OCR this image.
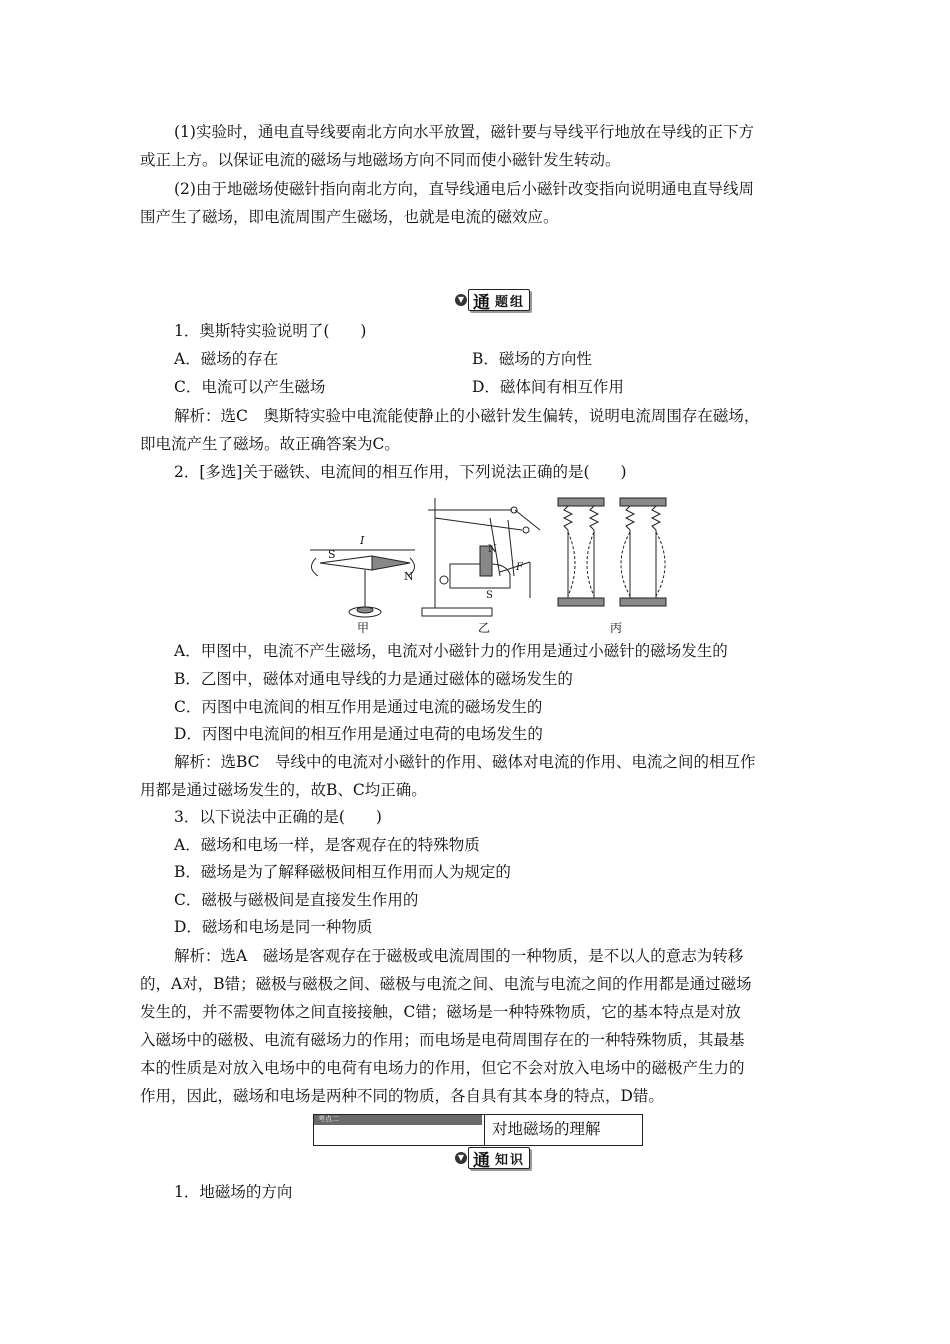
(1)实验时，通电直导线要南北方向水平放置，磁针要与导线平行地放在导线的正下方
或正上方。以保证电流的磁场与地磁场方向不同而使小磁针发生转动。
(2)由于地磁场使磁针指向南北方向，直导线通电后小磁针改变指向说明通电直导线周
围产生了磁场，即电流周围产生磁场，也就是电流的磁效应。
▼ 通 题组
1．奥斯特实验说明了(　　)
A．磁场的存在	B．磁场的方向性
C．电流可以产生磁场	D．磁体间有相互作用
解析：选C　奥斯特实验中电流能使静止的小磁针发生偏转，说明电流周围存在磁场，
即电流产生了磁场。故正确答案为C。
2．[多选]关于磁铁、电流间的相互作用，下列说法正确的是(　　)
S
N
I
甲
N
S
F
乙	丙
A．甲图中，电流不产生磁场，电流对小磁针力的作用是通过小磁针的磁场发生的
B．乙图中，磁体对通电导线的力是通过磁体的磁场发生的
C．丙图中电流间的相互作用是通过电流的磁场发生的
D．丙图中电流间的相互作用是通过电荷的电场发生的
解析：选BC　导线中的电流对小磁针的作用、磁体对电流的作用、电流之间的相互作
用都是通过磁场发生的，故B、C均正确。
3．以下说法中正确的是(　　)
A．磁场和电场一样，是客观存在的特殊物质
B．磁场是为了解释磁极间相互作用而人为规定的
C．磁极与磁极间是直接发生作用的
D．磁场和电场是同一种物质
解析：选A　磁场是客观存在于磁极或电流周围的一种物质，是不以人的意志为转移
的，A对，B错；磁极与磁极之间、磁极与电流之间、电流与电流之间的作用都是通过磁场
发生的，并不需要物体之间直接接触，C错；磁场是一种特殊物质，它的基本特点是对放
入磁场中的磁极、电流有磁场力的作用；而电场是电荷周围存在的一种特殊物质，其最基
本的性质是对放入电场中的电荷有电场力的作用，但它不会对放入电场中的磁极产生力的
作用，因此，磁场和电场是两种不同的物质，各自具有其本身的特点，D错。
考点二
对地磁场的理解
▼ 通 知识
1．地磁场的方向
